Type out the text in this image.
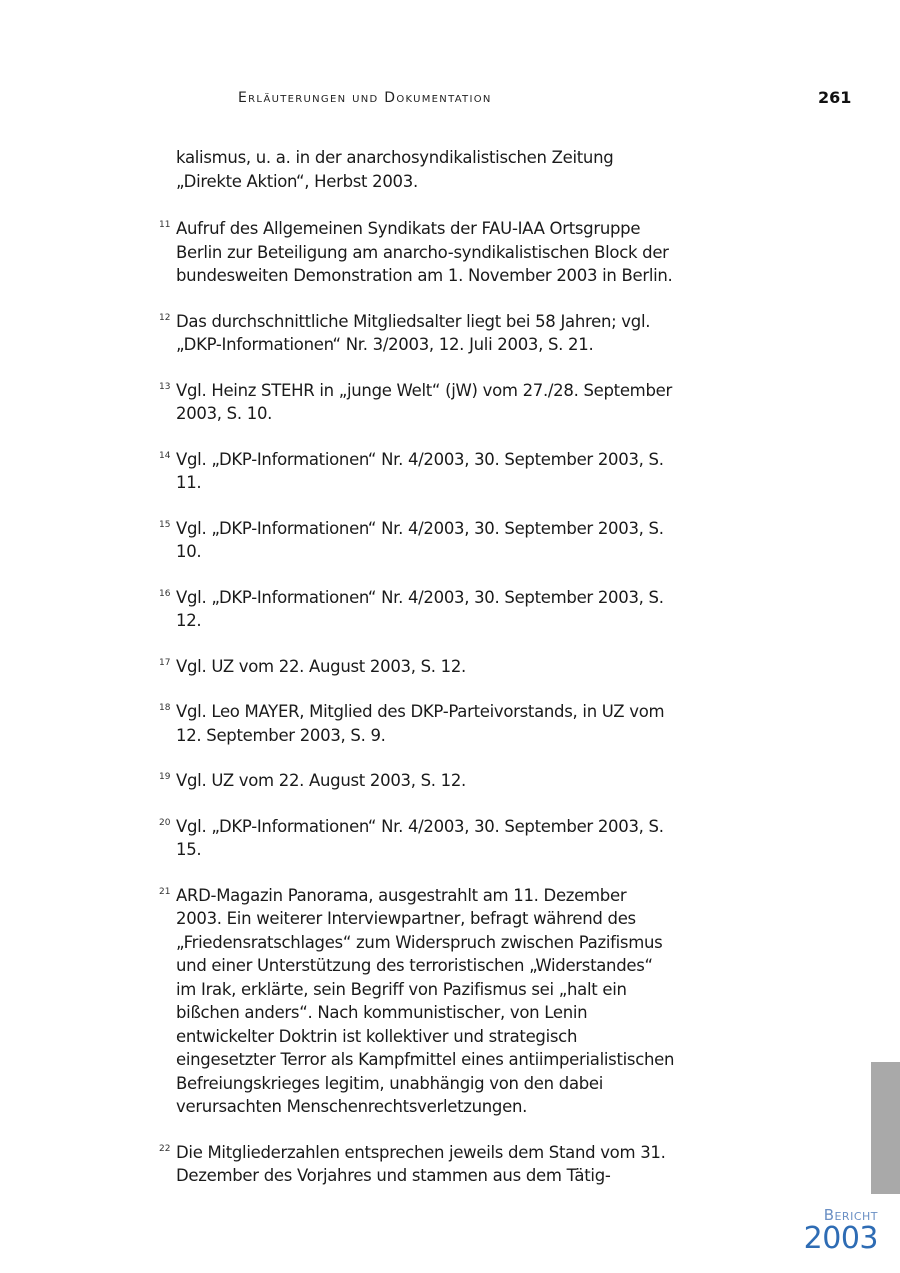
Erläuterungen und Dokumentation	261
kalismus, u. a. in der anarchosyndikalistischen Zeitung „Direkte Aktion“, Herbst 2003.
11 Aufruf des Allgemeinen Syndikats der FAU-IAA Ortsgruppe Berlin zur Beteiligung am anarcho-syndikalistischen Block der bundesweiten Demonstration am 1. November 2003 in Berlin.
12 Das durchschnittliche Mitgliedsalter liegt bei 58 Jahren; vgl. „DKP-Informationen“ Nr. 3/2003, 12. Juli 2003, S. 21.
13 Vgl. Heinz STEHR in „junge Welt“ (jW) vom 27./28. September 2003, S. 10.
14 Vgl. „DKP-Informationen“ Nr. 4/2003, 30. September 2003, S. 11.
15 Vgl. „DKP-Informationen“ Nr. 4/2003, 30. September 2003, S. 10.
16 Vgl. „DKP-Informationen“ Nr. 4/2003, 30. September 2003, S. 12.
17 Vgl. UZ vom 22. August 2003, S. 12.
18 Vgl. Leo MAYER, Mitglied des DKP-Parteivorstands, in UZ vom 12. September 2003, S. 9.
19 Vgl. UZ vom 22. August 2003, S. 12.
20 Vgl. „DKP-Informationen“ Nr. 4/2003, 30. September 2003, S. 15.
21 ARD-Magazin Panorama, ausgestrahlt am 11. Dezember 2003. Ein weiterer Interviewpartner, befragt während des „Friedensratschlages“ zum Widerspruch zwischen Pazifismus und einer Unterstützung des terroristischen „Widerstandes“ im Irak, erklärte, sein Begriff von Pazifismus sei „halt ein bißchen anders“. Nach kommunistischer, von Lenin entwickelter Doktrin ist kollektiver und strategisch eingesetzter Terror als Kampfmittel eines antiimperialistischen Befreiungskrieges legitim, unabhängig von den dabei verursachten Menschenrechtsverletzungen.
22 Die Mitgliederzahlen entsprechen jeweils dem Stand vom 31. Dezember des Vorjahres und stammen aus dem Tätig-
Bericht
2003
